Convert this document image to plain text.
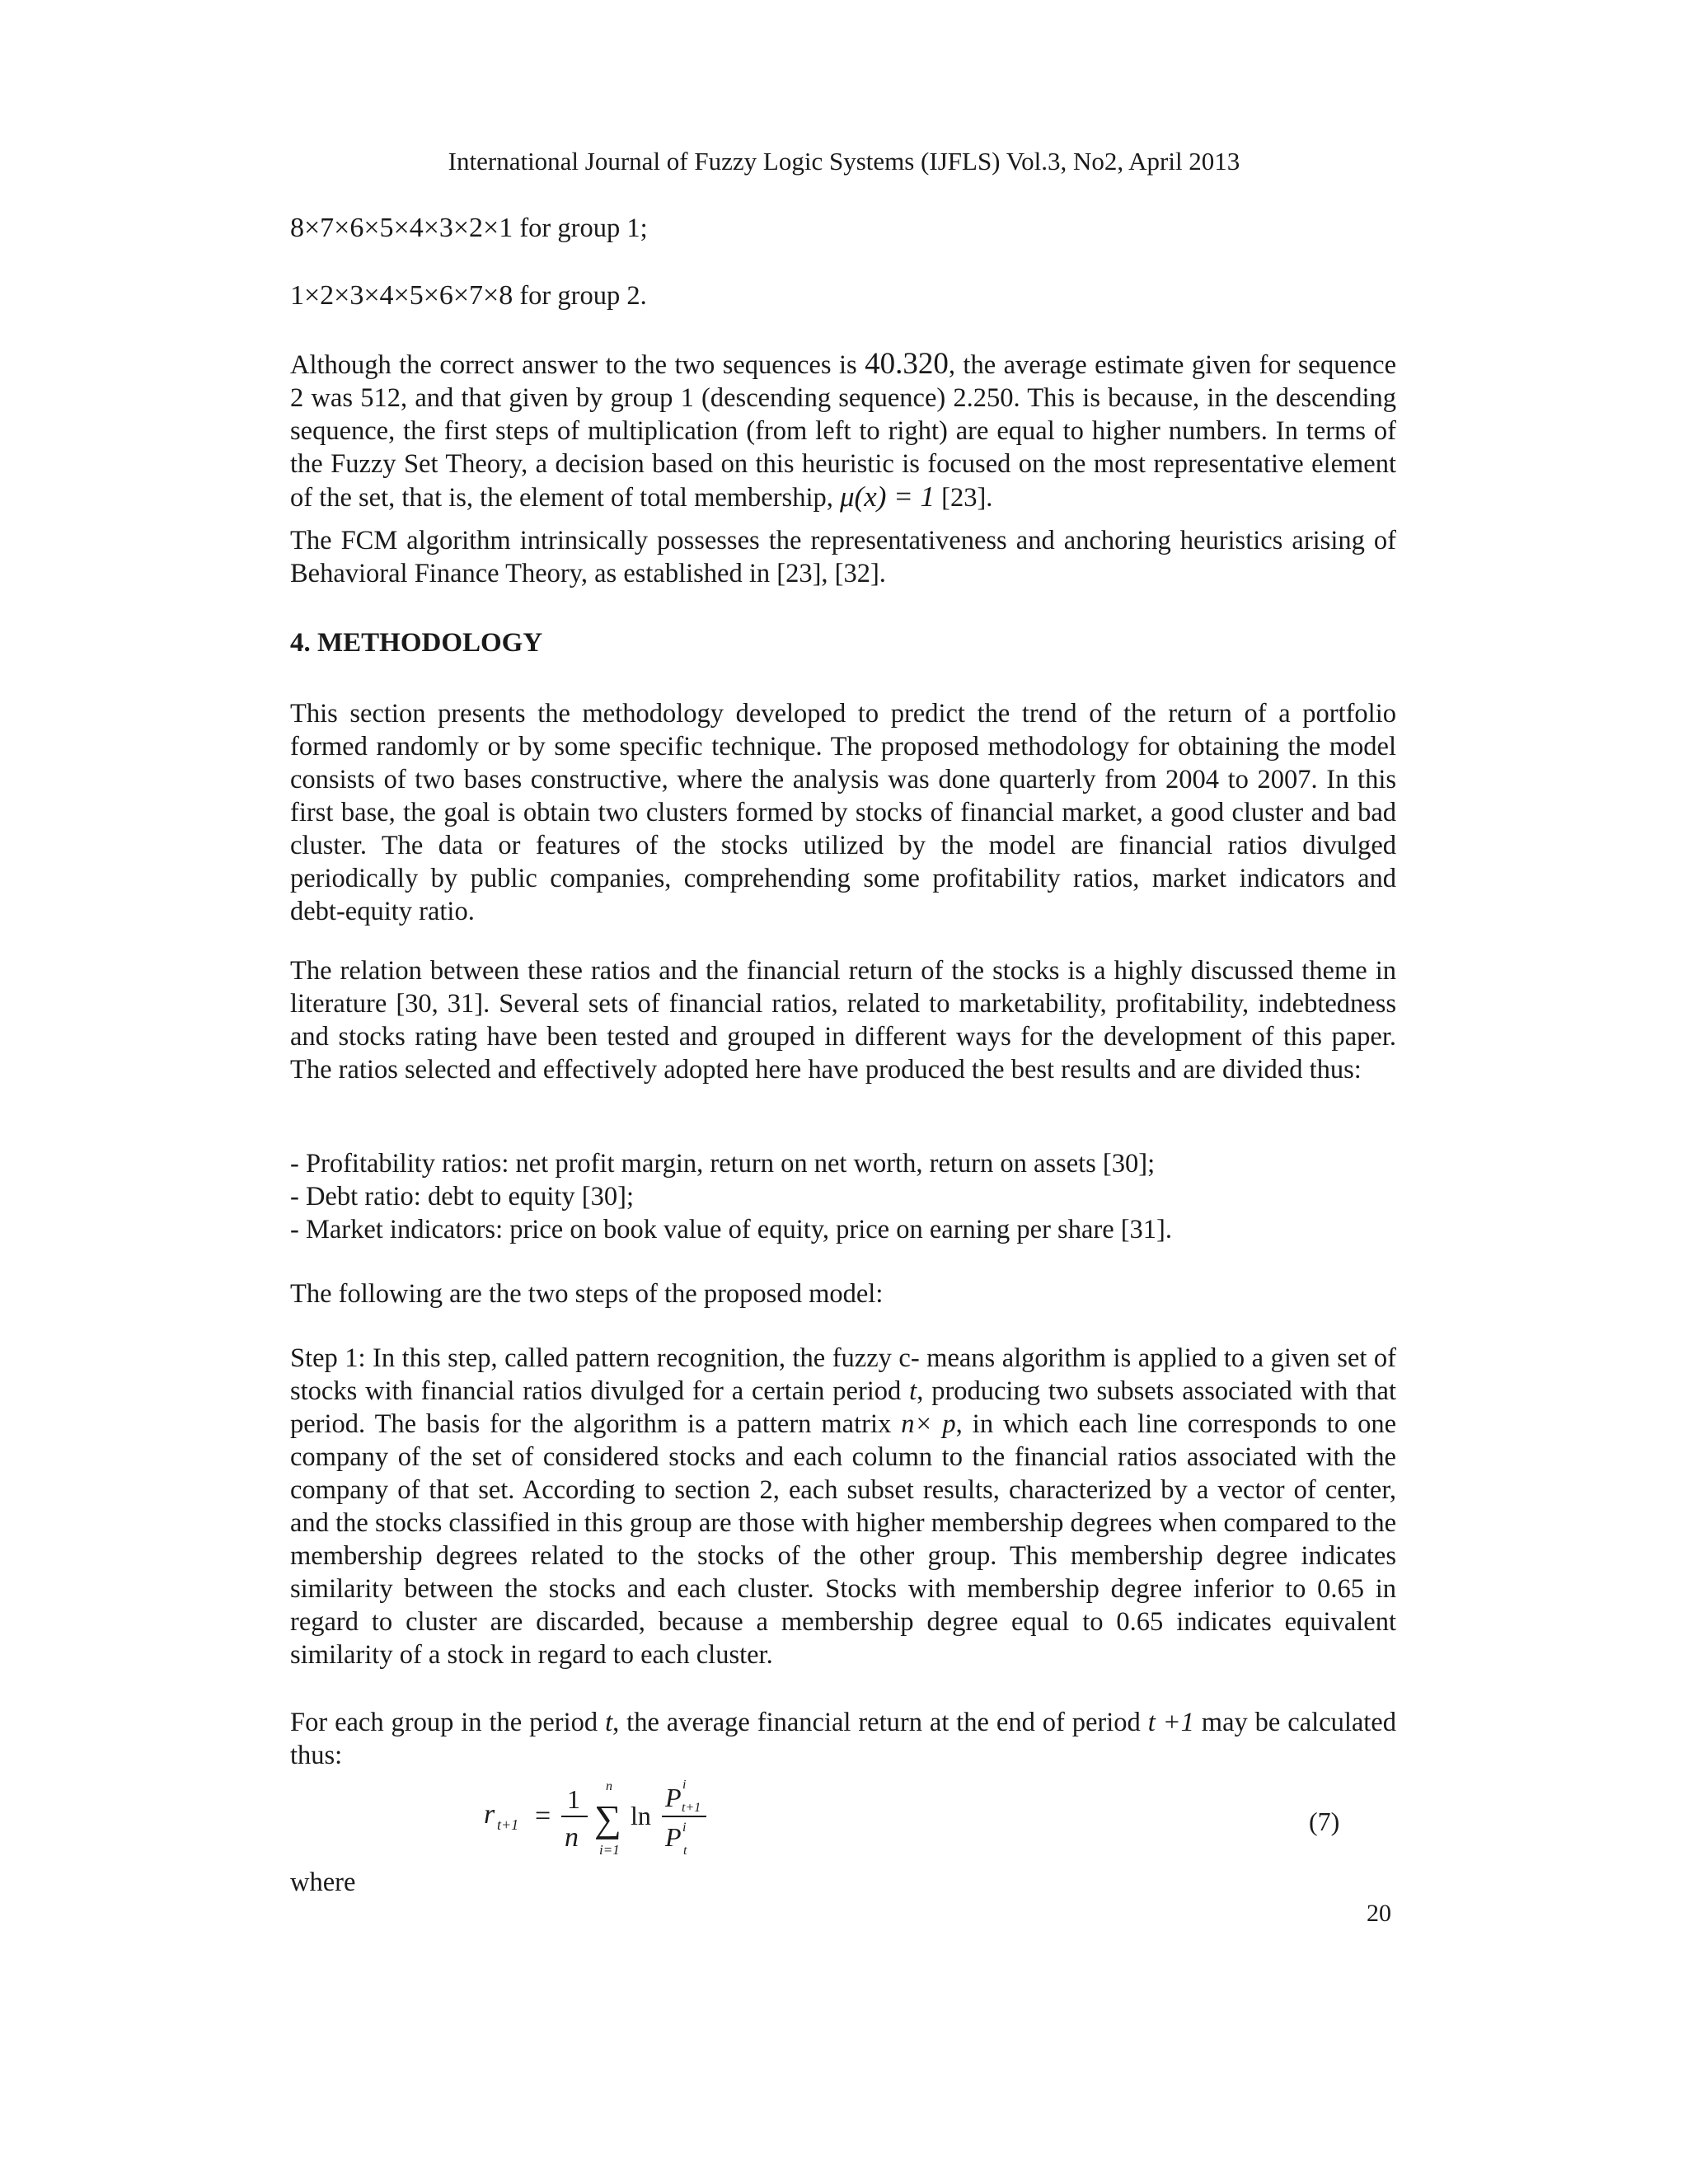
International Journal of Fuzzy Logic Systems (IJFLS) Vol.3, No2, April 2013
8×7×6×5×4×3×2×1 for group 1;
1×2×3×4×5×6×7×8 for group 2.
Although the correct answer to the two sequences is 40.320, the average estimate given for sequence 2 was 512, and that given by group 1 (descending sequence) 2.250. This is because, in the descending sequence, the first steps of multiplication (from left to right) are equal to higher numbers. In terms of the Fuzzy Set Theory, a decision based on this heuristic is focused on the most representative element of the set, that is, the element of total membership, μ(x) = 1 [23].
The FCM algorithm intrinsically possesses the representativeness and anchoring heuristics arising of Behavioral Finance Theory, as established in [23], [32].
4. METHODOLOGY
This section presents the methodology developed to predict the trend of the return of a portfolio formed randomly or by some specific technique. The proposed methodology for obtaining the model consists of two bases constructive, where the analysis was done quarterly from 2004 to 2007. In this first base, the goal is obtain two clusters formed by stocks of financial market, a good cluster and bad cluster. The data or features of the stocks utilized by the model are financial ratios divulged periodically by public companies, comprehending some profitability ratios, market indicators and debt-equity ratio.
The relation between these ratios and the financial return of the stocks is a highly discussed theme in literature [30, 31]. Several sets of financial ratios, related to marketability, profitability, indebtedness and stocks rating have been tested and grouped in different ways for the development of this paper. The ratios selected and effectively adopted here have produced the best results and are divided thus:
- Profitability ratios: net profit margin, return on net worth, return on assets [30];
- Debt ratio: debt to equity [30];
- Market indicators: price on book value of equity, price on earning per share [31].
The following are the two steps of the proposed model:
Step 1: In this step, called pattern recognition, the fuzzy c- means algorithm is applied to a given set of stocks with financial ratios divulged for a certain period t, producing two subsets associated with that period. The basis for the algorithm is a pattern matrix n× p, in which each line corresponds to one company of the set of considered stocks and each column to the financial ratios associated with the company of that set. According to section 2, each subset results, characterized by a vector of center, and the stocks classified in this group are those with higher membership degrees when compared to the membership degrees related to the stocks of the other group. This membership degree indicates similarity between the stocks and each cluster. Stocks with membership degree inferior to 0.65 in regard to cluster are discarded, because a membership degree equal to 0.65 indicates equivalent similarity of a stock in regard to each cluster.
For each group in the period t, the average financial return at the end of period t +1 may be calculated thus:
r t+1 =
1
n
n
∑
i=1
ln
P i
t+1
P i
t
(7)
where
20
